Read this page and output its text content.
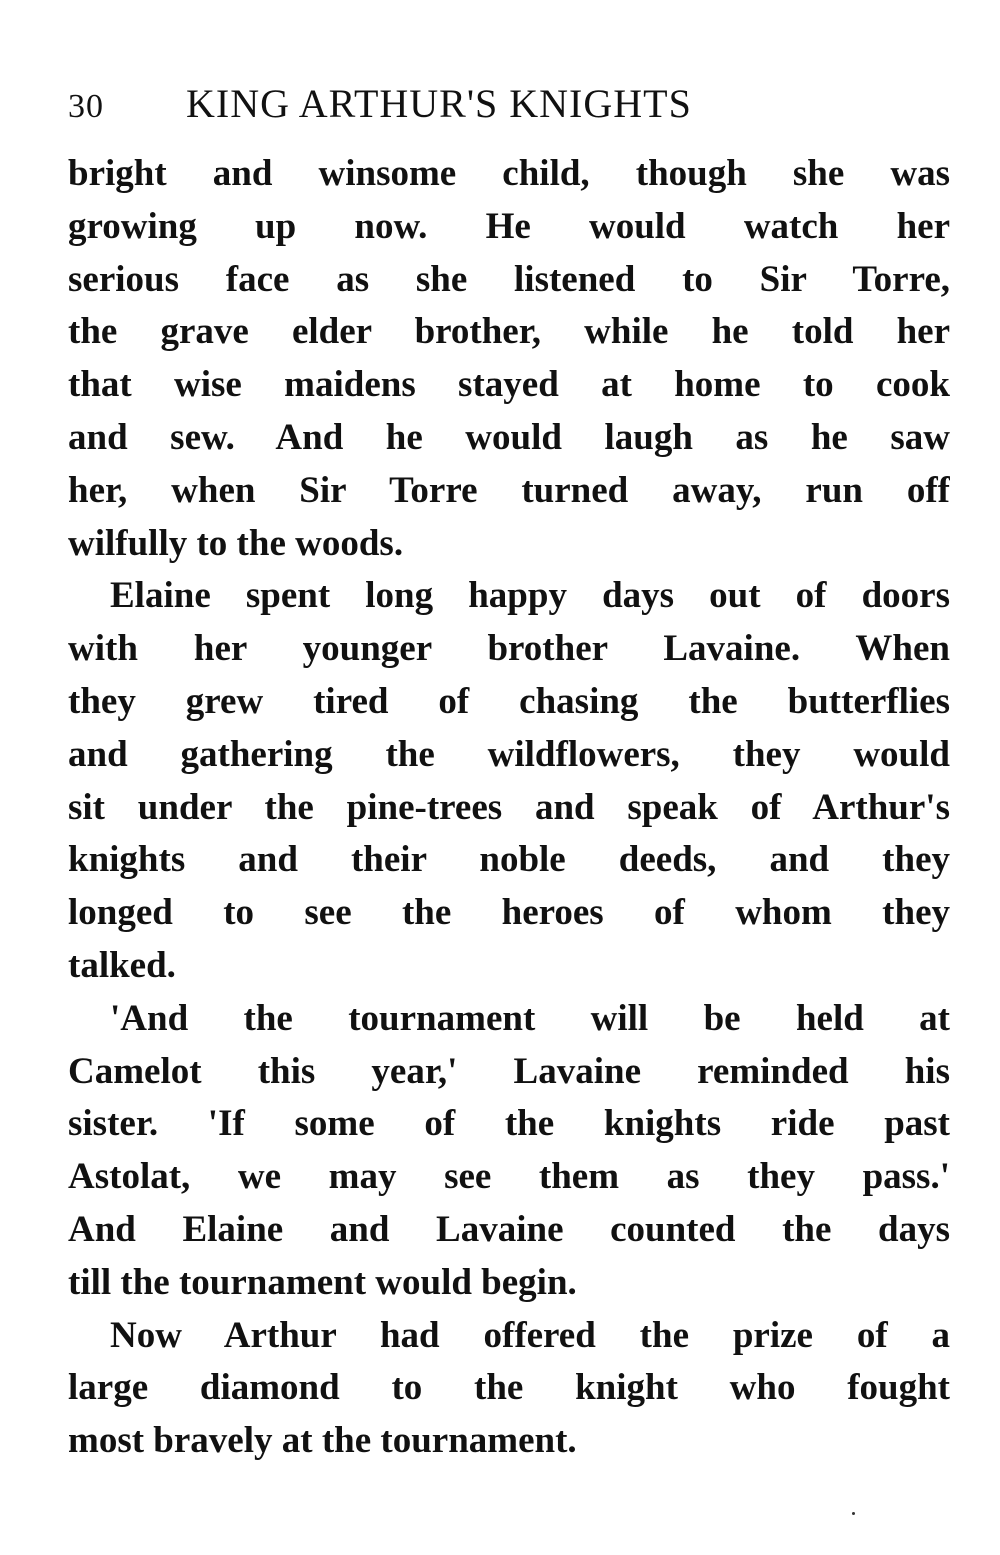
30	KING ARTHUR'S KNIGHTS
bright and winsome child, though she was
growing up now. He would watch her
serious face as she listened to Sir Torre,
the grave elder brother, while he told her
that wise maidens stayed at home to cook
and sew. And he would laugh as he saw
her, when Sir Torre turned away, run off
wilfully to the woods.
Elaine spent long happy days out of doors
with her younger brother Lavaine. When
they grew tired of chasing the butterflies
and gathering the wildflowers, they would
sit under the pine-trees and speak of Arthur's
knights and their noble deeds, and they
longed to see the heroes of whom they
talked.
'And the tournament will be held at
Camelot this year,' Lavaine reminded his
sister. 'If some of the knights ride past
Astolat, we may see them as they pass.'
And Elaine and Lavaine counted the days
till the tournament would begin.
Now Arthur had offered the prize of a
large diamond to the knight who fought
most bravely at the tournament.
